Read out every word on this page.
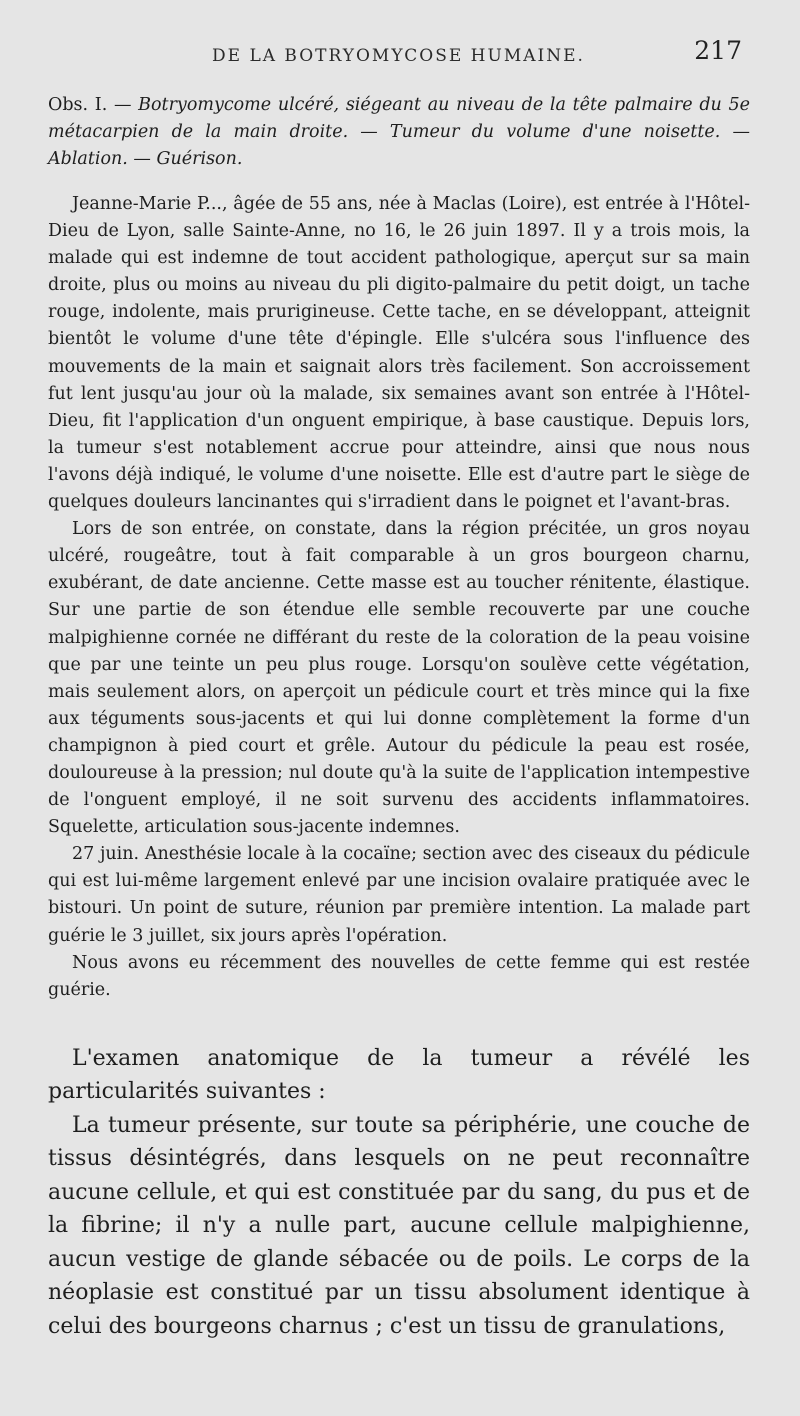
DE LA BOTRYOMYCOSE HUMAINE.	217
Obs. I. — Botryomycome ulcéré, siégeant au niveau de la tête palmaire du 5e métacarpien de la main droite. — Tumeur du volume d'une noisette. — Ablation. — Guérison.

Jeanne-Marie P..., âgée de 55 ans, née à Maclas (Loire), est entrée à l'Hôtel-Dieu de Lyon, salle Sainte-Anne, no 16, le 26 juin 1897. Il y a trois mois, la malade qui est indemne de tout accident pathologique, aperçut sur sa main droite, plus ou moins au niveau du pli digito-palmaire du petit doigt, un tache rouge, indolente, mais prurigineuse. Cette tache, en se développant, atteignit bientôt le volume d'une tête d'épingle. Elle s'ulcéra sous l'influence des mouvements de la main et saignait alors très facilement. Son accroissement fut lent jusqu'au jour où la malade, six semaines avant son entrée à l'Hôtel-Dieu, fit l'application d'un onguent empirique, à base caustique. Depuis lors, la tumeur s'est notablement accrue pour atteindre, ainsi que nous nous l'avons déjà indiqué, le volume d'une noisette. Elle est d'autre part le siège de quelques douleurs lancinantes qui s'irradient dans le poignet et l'avant-bras.

Lors de son entrée, on constate, dans la région précitée, un gros noyau ulcéré, rougeâtre, tout à fait comparable à un gros bourgeon charnu, exubérant, de date ancienne. Cette masse est au toucher rénitente, élastique. Sur une partie de son étendue elle semble recouverte par une couche malpighienne cornée ne différant du reste de la coloration de la peau voisine que par une teinte un peu plus rouge. Lorsqu'on soulève cette végétation, mais seulement alors, on aperçoit un pédicule court et très mince qui la fixe aux téguments sous-jacents et qui lui donne complètement la forme d'un champignon à pied court et grêle. Autour du pédicule la peau est rosée, douloureuse à la pression; nul doute qu'à la suite de l'application intempestive de l'onguent employé, il ne soit survenu des accidents inflammatoires. Squelette, articulation sous-jacente indemnes.

27 juin. Anesthésie locale à la cocaïne; section avec des ciseaux du pédicule qui est lui-même largement enlevé par une incision ovalaire pratiquée avec le bistouri. Un point de suture, réunion par première intention. La malade part guérie le 3 juillet, six jours après l'opération.

Nous avons eu récemment des nouvelles de cette femme qui est restée guérie.

L'examen anatomique de la tumeur a révélé les particularités suivantes :

La tumeur présente, sur toute sa périphérie, une couche de tissus désintégrés, dans lesquels on ne peut reconnaître aucune cellule, et qui est constituée par du sang, du pus et de la fibrine; il n'y a nulle part, aucune cellule malpighienne, aucun vestige de glande sébacée ou de poils. Le corps de la néoplasie est constitué par un tissu absolument identique à celui des bourgeons charnus ; c'est un tissu de granulations,
